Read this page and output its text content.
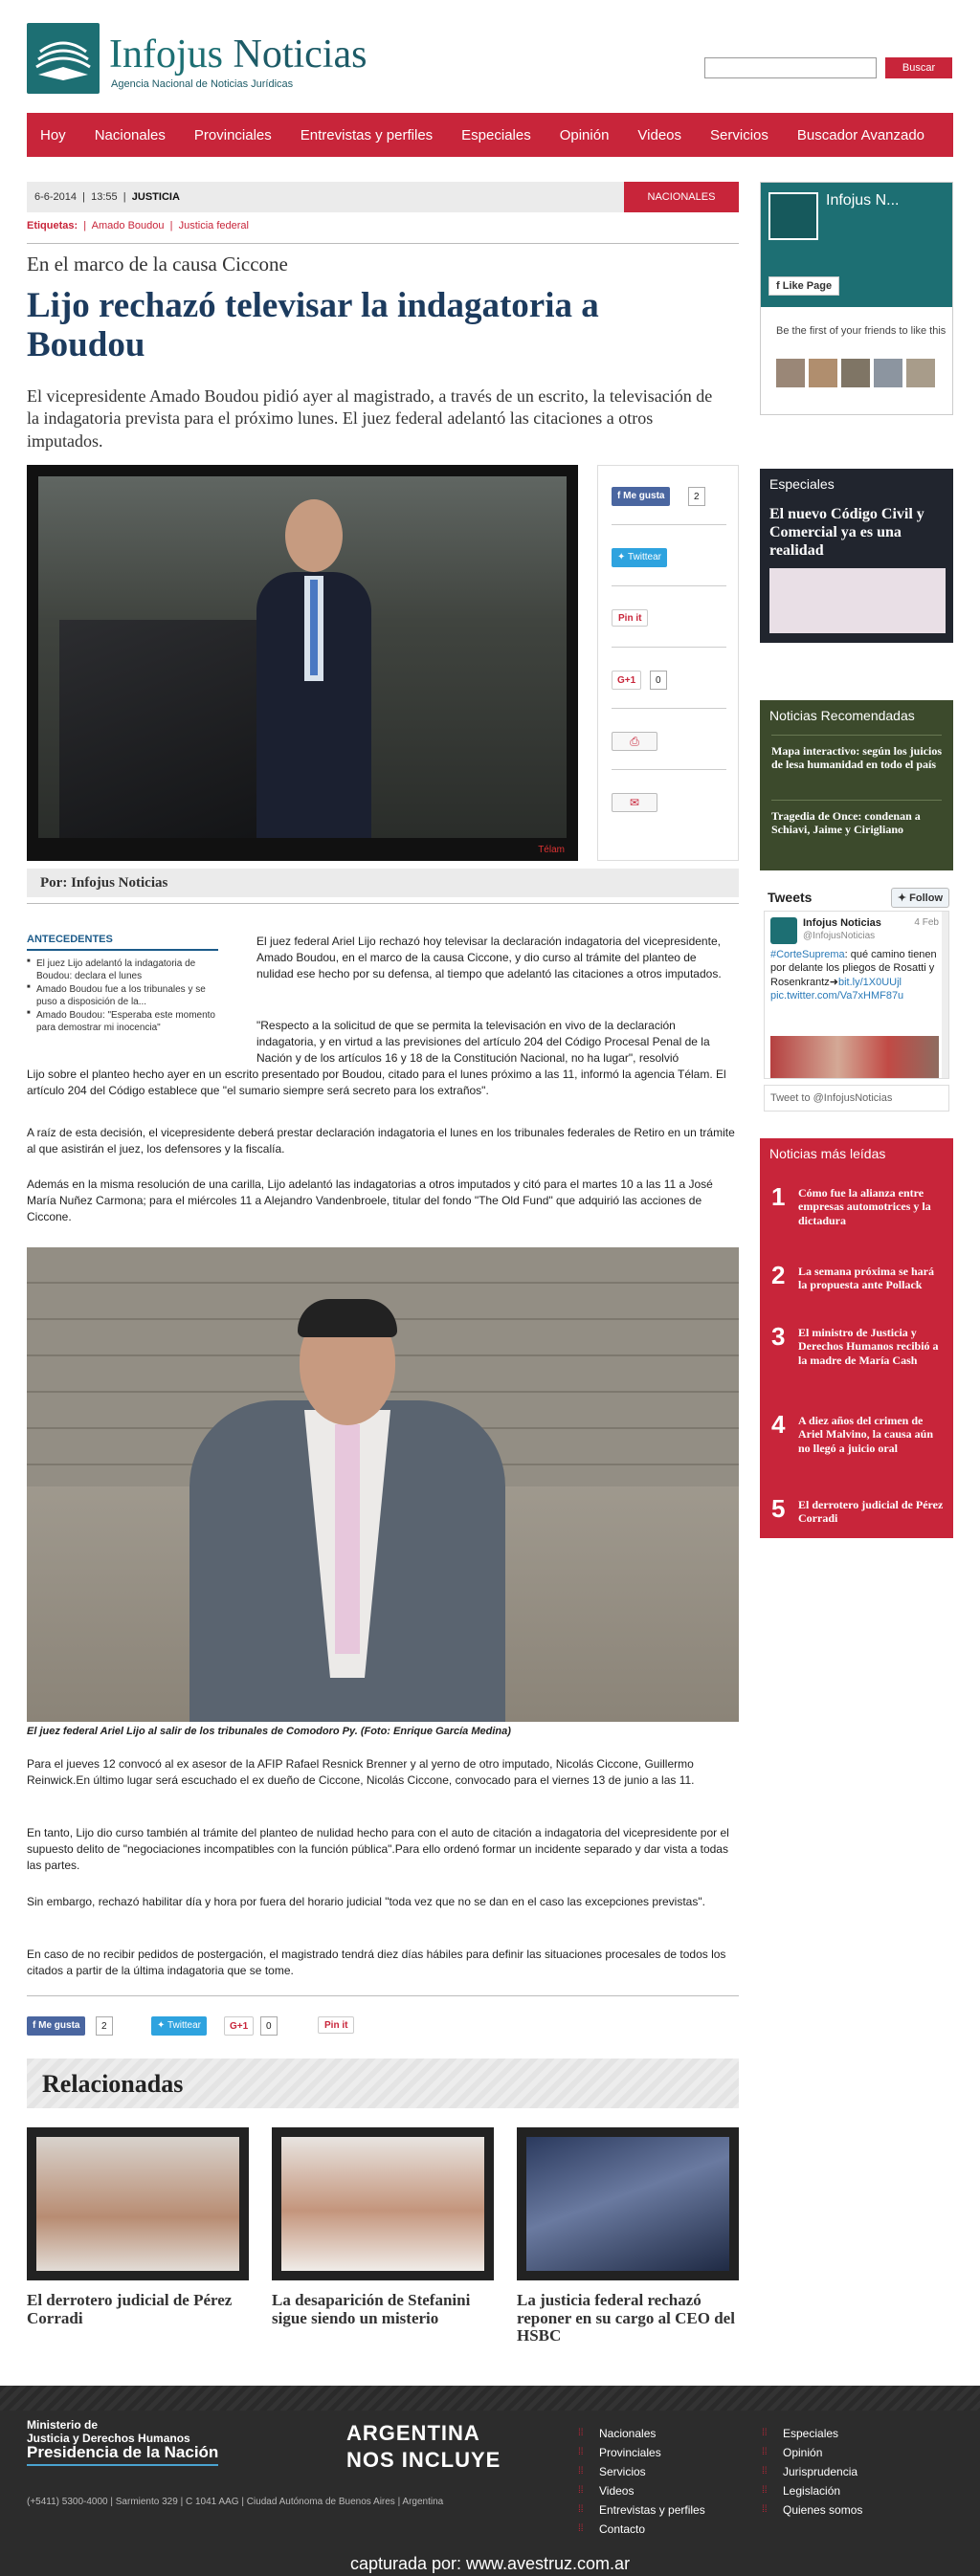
Infojus Noticias
Agencia Nacional de Noticias Jurídicas
Buscar
Hoy Nacionales Provinciales Entrevistas y perfiles Especiales Opinión Videos Servicios Buscador Avanzado
6-6-2014  |  13:55  |  JUSTICIA	NACIONALES
Etiquetas:  |  Amado Boudou  |  Justicia federal
En el marco de la causa Ciccone
Lijo rechazó televisar la indagatoria a Boudou
El vicepresidente Amado Boudou pidió ayer al magistrado, a través de un escrito, la televisación de la indagatoria prevista para el próximo lunes. El juez federal adelantó las citaciones a otros imputados.
Télam
f Me gusta	2
✦ Twittear
Pin it
G+1	0
⎙
✉
Por: Infojus Noticias
ANTECEDENTES
■ El juez Lijo adelantó la indagatoria de Boudou: declara el lunes
■ Amado Boudou fue a los tribunales y se puso a disposición de la...
■ Amado Boudou: "Esperaba este momento para demostrar mi inocencia"

El juez federal Ariel Lijo rechazó hoy televisar la declaración indagatoria del vicepresidente, Amado Boudou, en el marco de la causa Ciccone, y dio curso al trámite del planteo de nulidad ese hecho por su defensa, al tiempo que adelantó las citaciones a otros imputados.

"Respecto a la solicitud de que se permita la televisación en vivo de la declaración indagatoria, y en virtud a las previsiones del artículo 204 del Código Procesal Penal de la Nación y de los artículos 16 y 18 de la Constitución Nacional, no ha lugar", resolvió

Lijo sobre el planteo hecho ayer en un escrito presentado por Boudou, citado para el lunes próximo a las 11, informó la agencia Télam. El artículo 204 del Código establece que "el sumario siempre será secreto para los extraños".

A raíz de esta decisión, el vicepresidente deberá prestar declaración indagatoria el lunes en los tribunales federales de Retiro en un trámite al que asistirán el juez, los defensores y la fiscalía.

Además en la misma resolución de una carilla, Lijo adelantó las indagatorias a otros imputados y citó para el martes 10 a las 11 a José María Nuñez Carmona; para el miércoles 11 a Alejandro Vandenbroele, titular del fondo "The Old Fund" que adquirió las acciones de Ciccone.

El juez federal Ariel Lijo al salir de los tribunales de Comodoro Py. (Foto: Enrique García Medina)

Para el jueves 12 convocó al ex asesor de la AFIP Rafael Resnick Brenner y al yerno de otro imputado, Nicolás Ciccone, Guillermo Reinwick.En último lugar será escuchado el ex dueño de Ciccone, Nicolás Ciccone, convocado para el viernes 13 de junio a las 11.

En tanto, Lijo dio curso también al trámite del planteo de nulidad hecho para con el auto de citación a indagatoria del vicepresidente por el supuesto delito de "negociaciones incompatibles con la función pública".Para ello ordenó formar un incidente separado y dar vista a todas las partes.

Sin embargo, rechazó habilitar día y hora por fuera del horario judicial "toda vez que no se dan en el caso las excepciones previstas".

En caso de no recibir pedidos de postergación, el magistrado tendrá diez días hábiles para definir las situaciones procesales de todos los citados a partir de la última indagatoria que se tome.

f Me gusta	2	✦ Twittear	G+1	0	Pin it
Relacionadas
El derrotero judicial de Pérez Corradi
La desaparición de Stefanini sigue siendo un misterio
La justicia federal rechazó reponer en su cargo al CEO del HSBC
Infojus N...
f Like Page
Be the first of your friends to like this
Especiales
El nuevo Código Civil y Comercial ya es una realidad
Noticias Recomendadas
Mapa interactivo: según los juicios de lesa humanidad en todo el país
Tragedia de Once: condenan a Schiavi, Jaime y Cirigliano
Tweets	✦ Follow
Infojus Noticias
@InfojusNoticias
4 Feb
#CorteSuprema: qué camino tienen por delante los pliegos de Rosatti y Rosenkrantz➜bit.ly/1X0UUjl pic.twitter.com/Va7xHMF87u
Tweet to @InfojusNoticias
Noticias más leídas
1 Cómo fue la alianza entre empresas automotrices y la dictadura
2 La semana próxima se hará la propuesta ante Pollack
3 El ministro de Justicia y Derechos Humanos recibió a la madre de María Cash
4 A diez años del crimen de Ariel Malvino, la causa aún no llegó a juicio oral
5 El derrotero judicial de Pérez Corradi
Ministerio de
Justicia y Derechos Humanos
Presidencia de la Nación
(+5411) 5300-4000 | Sarmiento 329 | C 1041 AAG | Ciudad Autónoma de Buenos Aires | Argentina
ARGENTINA
NOS INCLUYE
⁞⁞ Nacionales
⁞⁞ Provinciales
⁞⁞ Servicios
⁞⁞ Videos
⁞⁞ Entrevistas y perfiles
⁞⁞ Contacto
⁞⁞ Especiales
⁞⁞ Opinión
⁞⁞ Jurisprudencia
⁞⁞ Legislación
⁞⁞ Quienes somos
capturada por: www.avestruz.com.ar
